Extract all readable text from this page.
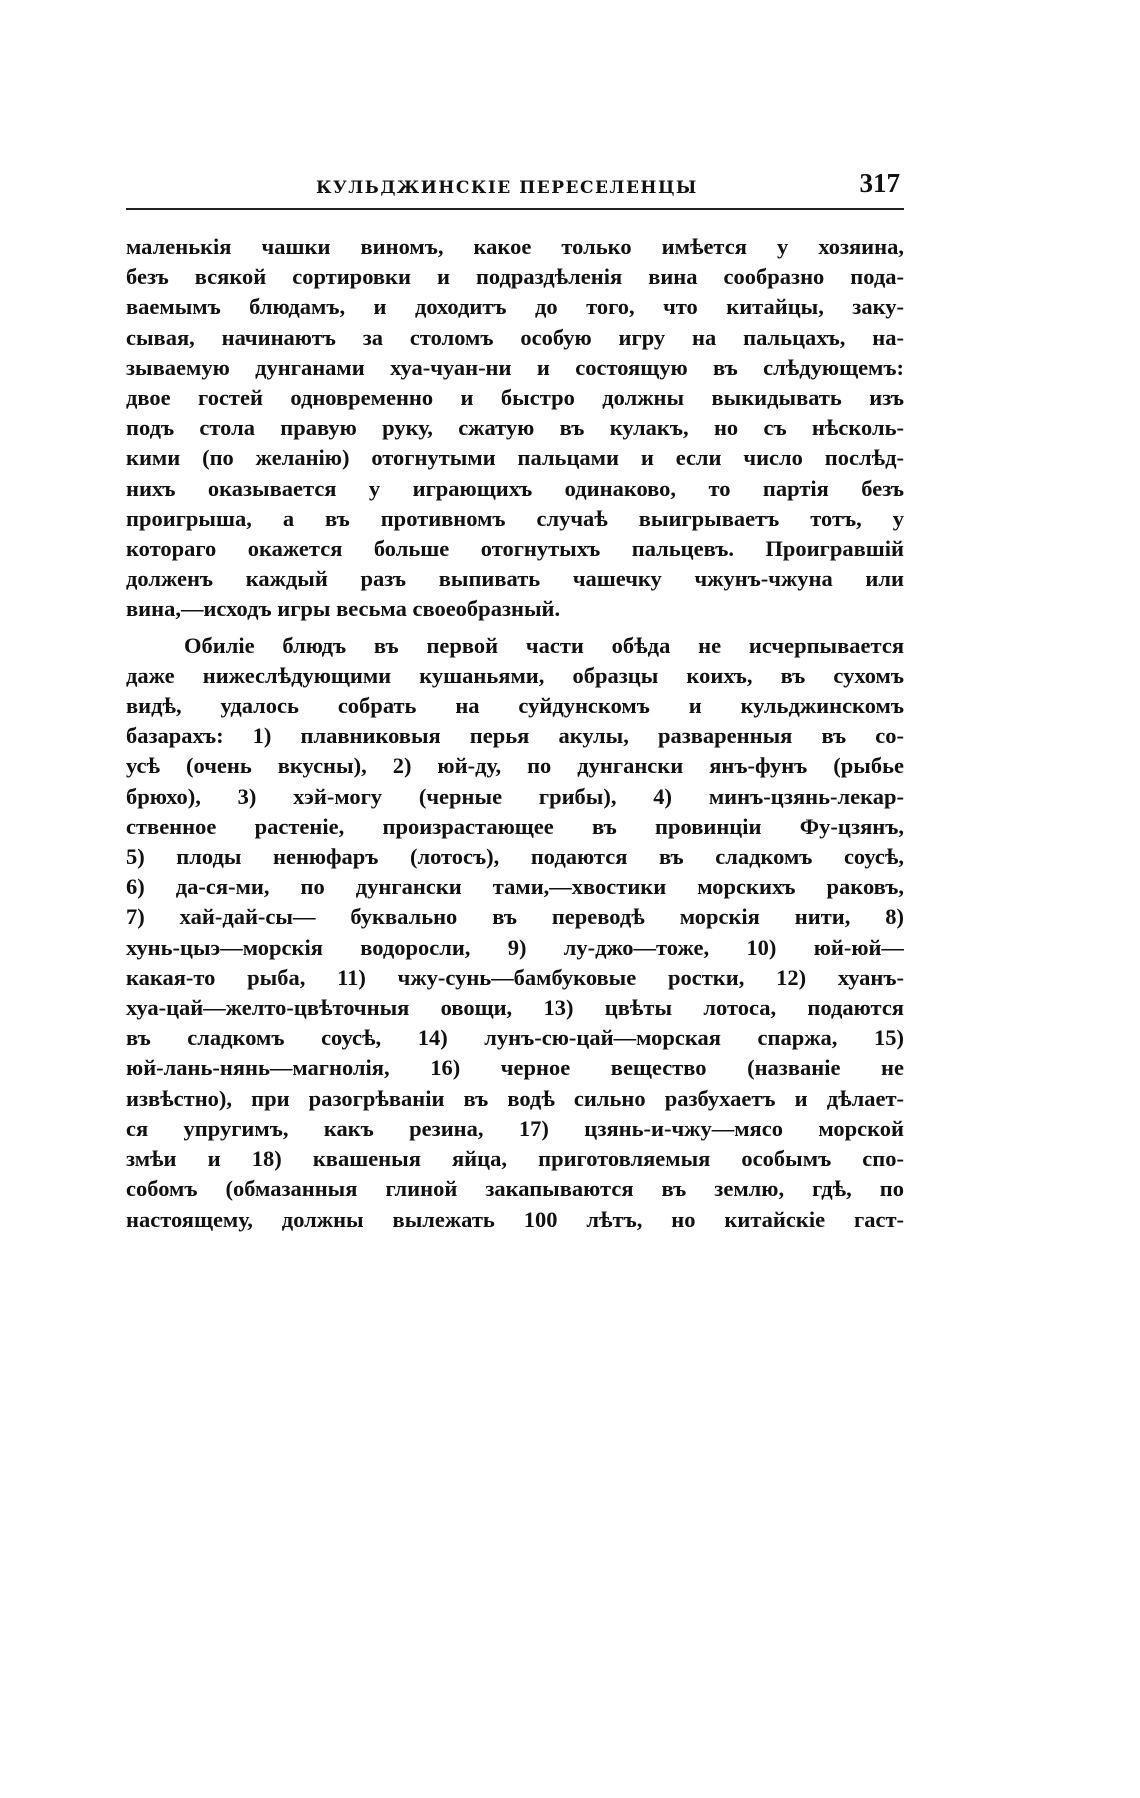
КУЛЬДЖИНСКІЕ ПЕРЕСЕЛЕНЦЫ	317
маленькія чашки виномъ, какое только имѣется у хозяина,
безъ всякой сортировки и подраздѣленія вина сообразно пода-
ваемымъ блюдамъ, и доходитъ до того, что китайцы, заку-
сывая, начинаютъ за столомъ особую игру на пальцахъ, на-
зываемую дунганами хуа-чуан-ни и состоящую въ слѣдующемъ:
двое гостей одновременно и быстро должны выкидывать изъ
подъ стола правую руку, сжатую въ кулакъ, но съ нѣсколь-
кими (по желанію) отогнутыми пальцами и если число послѣд-
нихъ оказывается у играющихъ одинаково, то партія безъ
проигрыша, а въ противномъ случаѣ выигрываетъ тотъ, у
котораго окажется больше отогнутыхъ пальцевъ. Проигравшій
долженъ каждый разъ выпивать чашечку чжунъ-чжуна или
вина,—исходъ игры весьма своеобразный.
Обиліе блюдъ въ первой части обѣда не исчерпывается
даже нижеслѣдующими кушаньями, образцы коихъ, въ сухомъ
видѣ, удалось собрать на суйдунскомъ и кульджинскомъ
базарахъ: 1) плавниковыя перья акулы, разваренныя въ со-
усѣ (очень вкусны), 2) юй-ду, по дунгански янъ-фунъ (рыбье
брюхо), 3) хэй-могу (черные грибы), 4) минъ-цзянь-лекар-
ственное растеніе, произрастающее въ провинціи Фу-цзянъ,
5) плоды ненюфаръ (лотосъ), подаются въ сладкомъ соусѣ,
6) да-ся-ми, по дунгански тами,—хвостики морскихъ раковъ,
7) хай-дай-сы— буквально въ переводѣ морскія нити, 8)
хунь-цыэ—морскія водоросли, 9) лу-джо—тоже, 10) юй-юй—
какая-то рыба, 11) чжу-сунь—бамбуковые ростки, 12) хуанъ-
хуа-цай—желто-цвѣточныя овощи, 13) цвѣты лотоса, подаются
въ сладкомъ соусѣ, 14) лунъ-сю-цай—морская спаржа, 15)
юй-лань-нянь—магнолія, 16) черное вещество (названіе не
извѣстно), при разогрѣваніи въ водѣ сильно разбухаетъ и дѣлает-
ся упругимъ, какъ резина, 17) цзянь-и-чжу—мясо морской
змѣи и 18) квашеныя яйца, приготовляемыя особымъ спо-
собомъ (обмазанныя глиной закапываются въ землю, гдѣ, по
настоящему, должны вылежать 100 лѣтъ, но китайскіе гаст-
